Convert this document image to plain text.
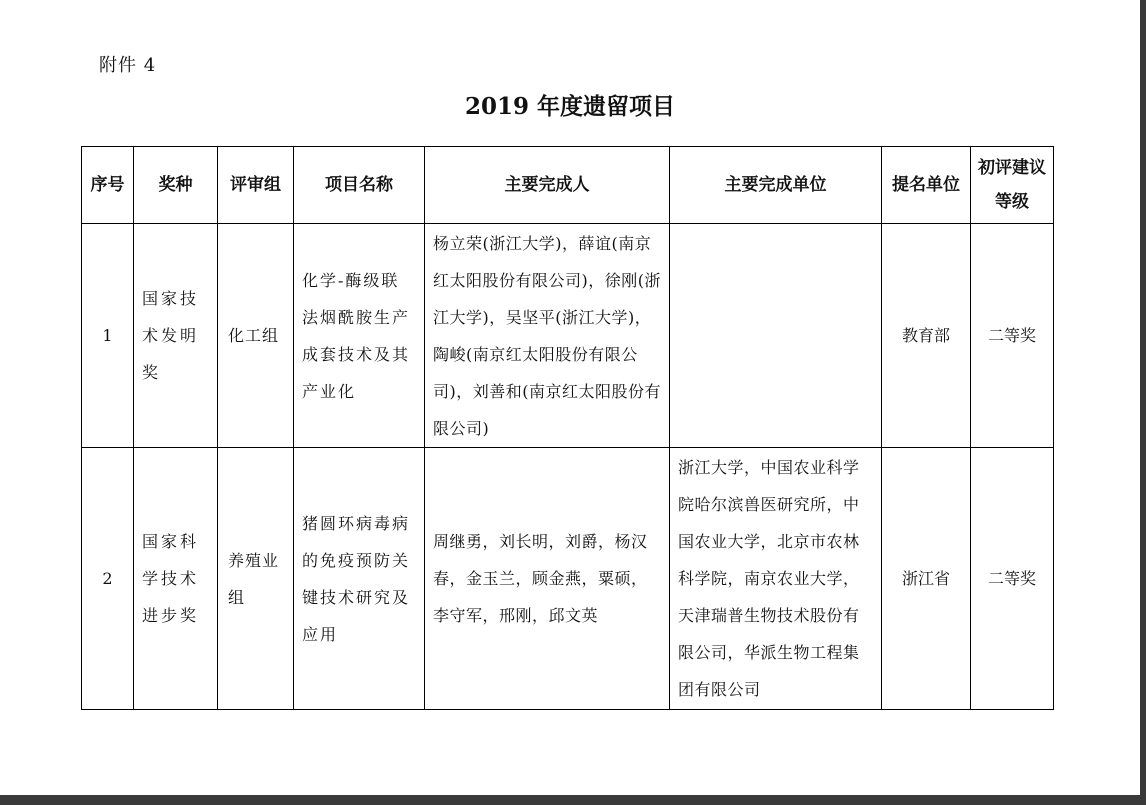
附件 4
2019 年度遗留项目
序号	奖种	评审组	项目名称	主要完成人	主要完成单位	提名单位	初评建议等级
1	国家技术发明奖	化工组	化学-酶级联法烟酰胺生产成套技术及其产业化	杨立荣(浙江大学)，薛谊(南京红太阳股份有限公司)，徐刚(浙江大学)，吴坚平(浙江大学)，陶峻(南京红太阳股份有限公司)，刘善和(南京红太阳股份有限公司)		教育部	二等奖
2	国家科学技术进步奖	养殖业组	猪圆环病毒病的免疫预防关键技术研究及应用	周继勇，刘长明，刘爵，杨汉春，金玉兰，顾金燕，粟硕，李守军，邢刚，邱文英	浙江大学，中国农业科学院哈尔滨兽医研究所，中国农业大学，北京市农林科学院，南京农业大学，天津瑞普生物技术股份有限公司，华派生物工程集团有限公司	浙江省	二等奖
